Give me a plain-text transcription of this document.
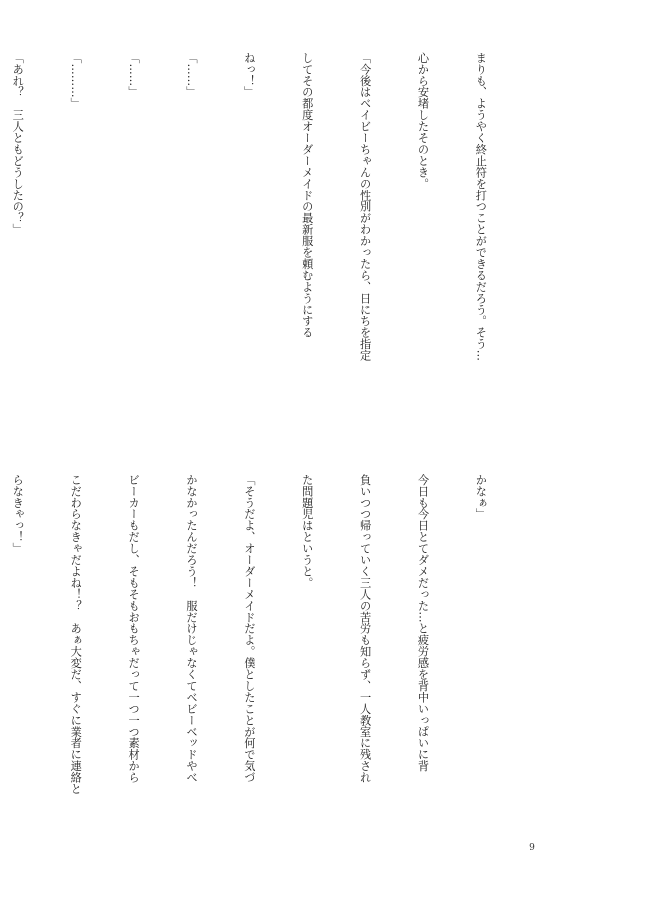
まりも、ようやく終止符を打つことができるだろう。そう…

心から安堵したそのとき。

「今後はベイビーちゃんの性別がわかったら、日にちを指定

してその都度オーダーメイドの最新服を頼むようにする

ねっ！」

「……」

「……」

「………」

「あれ？　三人ともどうしたの？」

かなぁ」

今日も今日とてダメだった…と疲労感を背中いっぱいに背

負いつつ帰っていく三人の苦労も知らず、一人教室に残され

た問題児はというと。

「そうだよ、オーダーメイドだよ。僕としたことが何で気づ

かなかったんだろう！　服だけじゃなくてベビーベッドやべ

ビーカーもだし、そもそもおもちゃだって一つ一つ素材から

こだわらなきゃだよね！？　あぁ大変だ、すぐに業者に連絡と

らなきゃっ！」

9
